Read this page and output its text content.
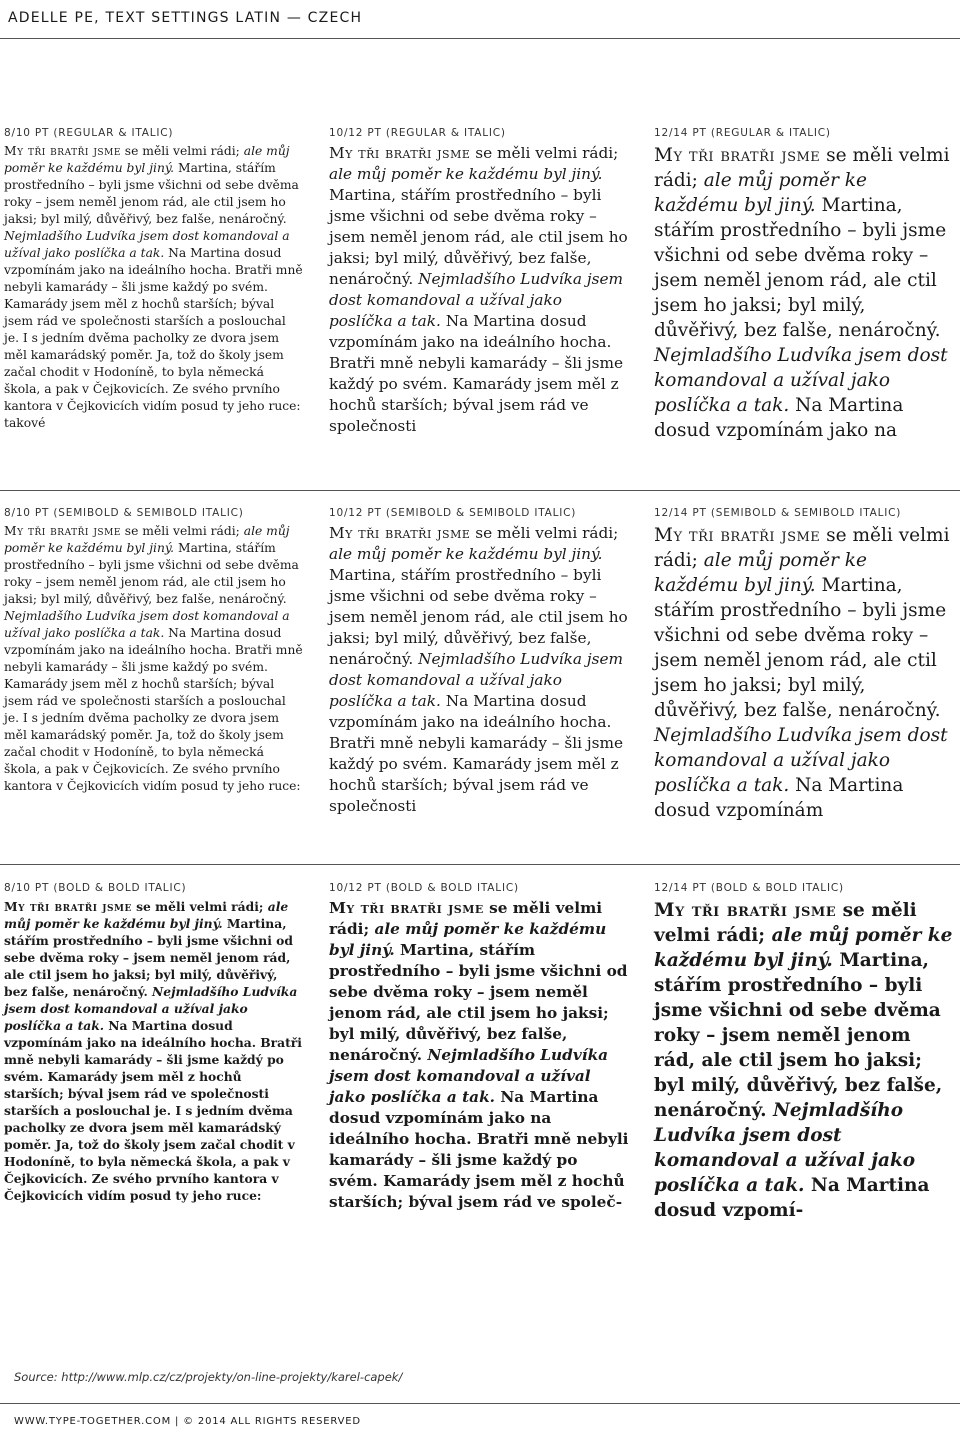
ADELLE PE, TEXT SETTINGS LATIN — CZECH
8/10 PT (REGULAR & ITALIC)

My tři bratři jsme se měli velmi rádi; ale můj poměr ke každému byl jiný. Martina, stářím prostředního – byli jsme všichni od sebe dvěma roky – jsem neměl jenom rád, ale ctil jsem ho jaksi; byl milý, důvěřivý, bez falše, nenáročný. Nejmladšího Ludvíka jsem dost komandoval a užíval jako poslíčka a tak. Na Martina dosud vzpomínám jako na ideálního hocha. Bratři mně nebyli kamarády – šli jsme každý po svém. Kamarády jsem měl z hochů starších; býval jsem rád ve společnosti starších a poslouchal je. I s jedním dvěma pacholky ze dvora jsem měl kamarádský poměr. Ja, tož do školy jsem začal chodit v Hodoníně, to byla německá škola, a pak v Čejkovicích. Ze svého prvního kantora v Čejkovicích vidím posud ty jeho ruce: takové

10/12 PT (REGULAR & ITALIC)

My tři bratři jsme se měli velmi rádi; ale můj poměr ke každému byl jiný. Martina, stářím prostředního – byli jsme všichni od sebe dvěma roky – jsem neměl jenom rád, ale ctil jsem ho jaksi; byl milý, důvěřivý, bez falše, nenáročný. Nejmladšího Ludvíka jsem dost komandoval a užíval jako poslíčka a tak. Na Martina dosud vzpomínám jako na ideálního hocha. Bratři mně nebyli kamarády – šli jsme každý po svém. Kamarády jsem měl z hochů starších; býval jsem rád ve společnosti

12/14 PT (REGULAR & ITALIC)

My tři bratři jsme se měli velmi rádi; ale můj poměr ke každému byl jiný. Martina, stářím prostředního – byli jsme všichni od sebe dvěma roky – jsem neměl jenom rád, ale ctil jsem ho jaksi; byl milý, důvěřivý, bez falše, nenáročný. Nejmladšího Ludvíka jsem dost komandoval a užíval jako poslíčka a tak. Na Martina dosud vzpomínám jako na

8/10 PT (SEMIBOLD & SEMIBOLD ITALIC)

My tři bratři jsme se měli velmi rádi; ale můj poměr ke každému byl jiný. Martina, stářím prostředního – byli jsme všichni od sebe dvěma roky – jsem neměl jenom rád, ale ctil jsem ho jaksi; byl milý, důvěřivý, bez falše, nenáročný. Nejmladšího Ludvíka jsem dost komandoval a užíval jako poslíčka a tak. Na Martina dosud vzpomínám jako na ideálního hocha. Bratři mně nebyli kamarády – šli jsme každý po svém. Kamarády jsem měl z hochů starších; býval jsem rád ve společnosti starších a poslouchal je. I s jedním dvěma pacholky ze dvora jsem měl kamarádský poměr. Ja, tož do školy jsem začal chodit v Hodoníně, to byla německá škola, a pak v Čejkovicích. Ze svého prvního kantora v Čejkovicích vidím posud ty jeho ruce:

10/12 PT (SEMIBOLD & SEMIBOLD ITALIC)

My tři bratři jsme se měli velmi rádi; ale můj poměr ke každému byl jiný. Martina, stářím prostředního – byli jsme všichni od sebe dvěma roky – jsem neměl jenom rád, ale ctil jsem ho jaksi; byl milý, důvěřivý, bez falše, nenáročný. Nejmladšího Ludvíka jsem dost komandoval a užíval jako poslíčka a tak. Na Martina dosud vzpomínám jako na ideálního hocha. Bratři mně nebyli kamarády – šli jsme každý po svém. Kamarády jsem měl z hochů starších; býval jsem rád ve společnosti

12/14 PT (SEMIBOLD & SEMIBOLD ITALIC)

My tři bratři jsme se měli velmi rádi; ale můj poměr ke každému byl jiný. Martina, stářím prostředního – byli jsme všichni od sebe dvěma roky – jsem neměl jenom rád, ale ctil jsem ho jaksi; byl milý, důvěřivý, bez falše, nenáročný. Nejmladšího Ludvíka jsem dost komandoval a užíval jako poslíčka a tak. Na Martina dosud vzpomínám

8/10 PT (BOLD & BOLD ITALIC)

My tři bratři jsme se měli velmi rádi; ale můj poměr ke každému byl jiný. Martina, stářím prostředního – byli jsme všichni od sebe dvěma roky – jsem neměl jenom rád, ale ctil jsem ho jaksi; byl milý, důvěřivý, bez falše, nenáročný. Nejmladšího Ludvíka jsem dost komandoval a užíval jako poslíčka a tak. Na Martina dosud vzpomínám jako na ideálního hocha. Bratři mně nebyli kamarády – šli jsme každý po svém. Kamarády jsem měl z hochů starších; býval jsem rád ve společnosti starších a poslouchal je. I s jedním dvěma pacholky ze dvora jsem měl kamarádský poměr. Ja, tož do školy jsem začal chodit v Hodoníně, to byla německá škola, a pak v Čejkovicích. Ze svého prvního kantora v Čejkovicích vidím posud ty jeho ruce:

10/12 PT (BOLD & BOLD ITALIC)

My tři bratři jsme se měli velmi rádi; ale můj poměr ke každému byl jiný. Martina, stářím prostředního – byli jsme všichni od sebe dvěma roky – jsem neměl jenom rád, ale ctil jsem ho jaksi; byl milý, důvěřivý, bez falše, nenáročný. Nejmladšího Ludvíka jsem dost komandoval a užíval jako poslíčka a tak. Na Martina dosud vzpomínám jako na ideálního hocha. Bratři mně nebyli kamarády – šli jsme každý po svém. Kamarády jsem měl z hochů starších; býval jsem rád ve společ-

12/14 PT (BOLD & BOLD ITALIC)

My tři bratři jsme se měli velmi rádi; ale můj poměr ke každému byl jiný. Martina, stářím prostředního – byli jsme všichni od sebe dvěma roky – jsem neměl jenom rád, ale ctil jsem ho jaksi; byl milý, důvěřivý, bez falše, nenáročný. Nejmladšího Ludvíka jsem dost komandoval a užíval jako poslíčka a tak. Na Martina dosud vzpomí-

Source: http://www.mlp.cz/cz/projekty/on-line-projekty/karel-capek/
WWW.TYPE-TOGETHER.COM | © 2014 ALL RIGHTS RESERVED
